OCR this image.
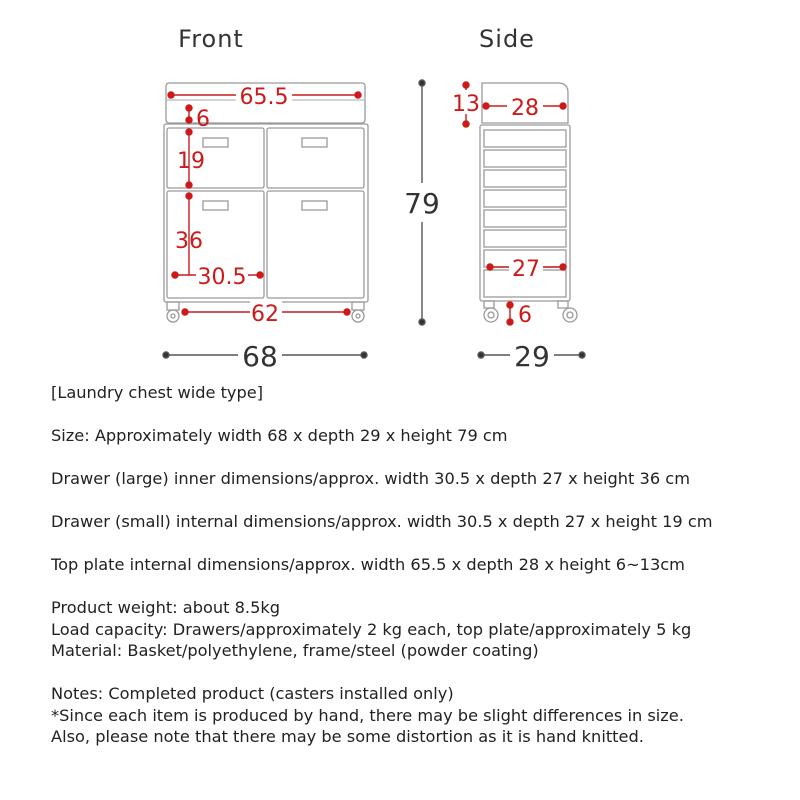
Front	Side
65.5
6
19
36
30.5
62
68
79
13 28
27
6
29

[Laundry chest wide type]

Size: Approximately width 68 x depth 29 x height 79 cm

Drawer (large) inner dimensions/approx. width 30.5 x depth 27 x height 36 cm

Drawer (small) internal dimensions/approx. width 30.5 x depth 27 x height 19 cm

Top plate internal dimensions/approx. width 65.5 x depth 28 x height 6~13cm

Product weight: about 8.5kg

Load capacity: Drawers/approximately 2 kg each, top plate/approximately 5 kg

Material: Basket/polyethylene, frame/steel (powder coating)

Notes: Completed product (casters installed only)

*Since each item is produced by hand, there may be slight differences in size.

Also, please note that there may be some distortion as it is hand knitted.
